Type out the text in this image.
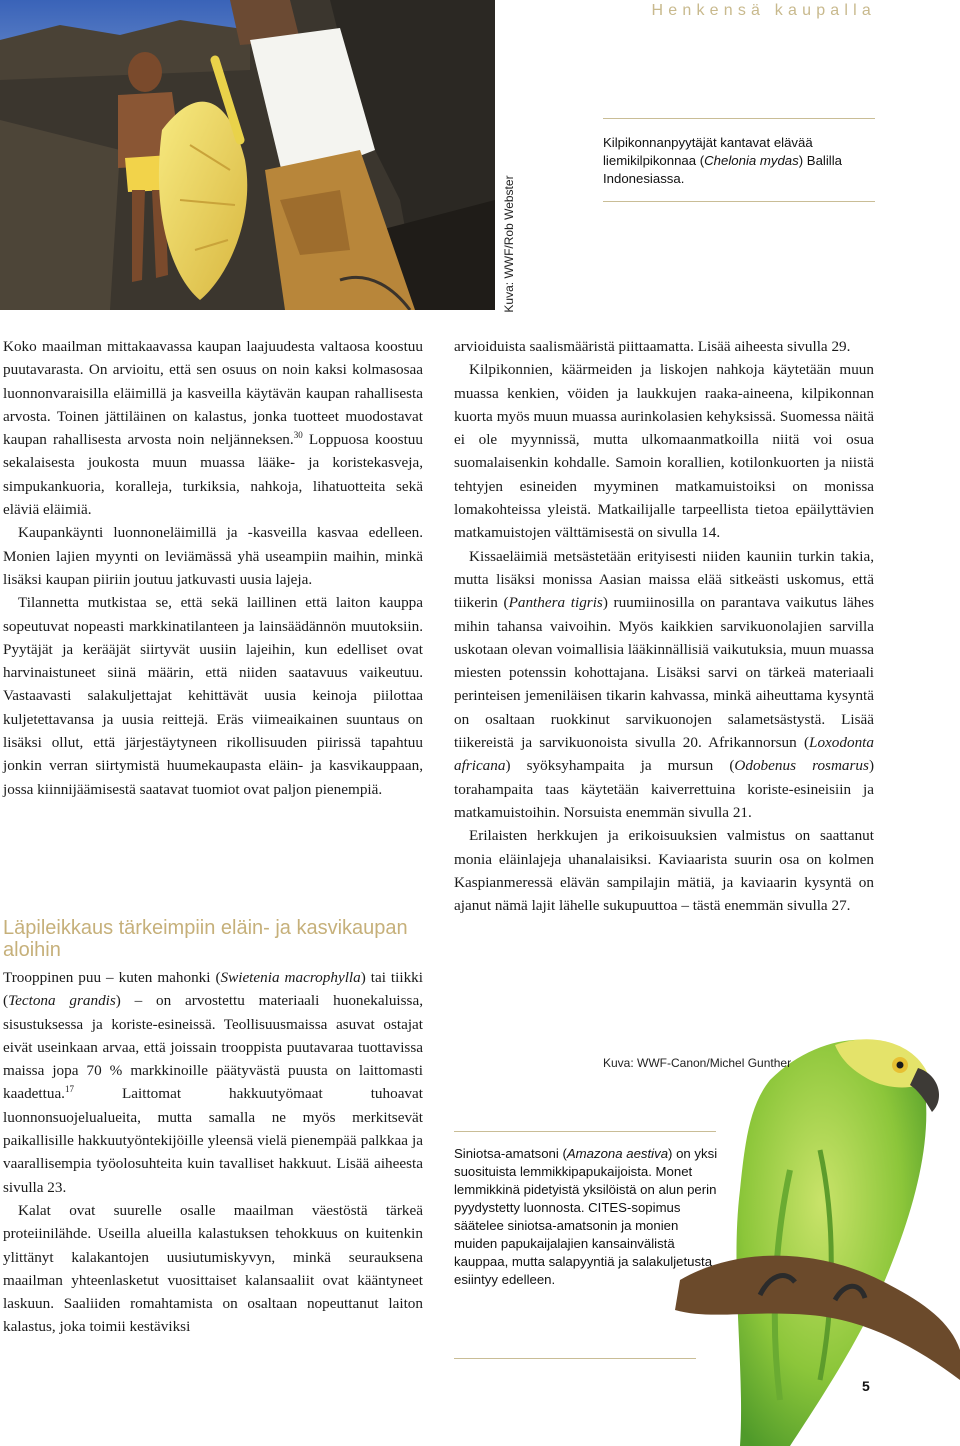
Henkensä kaupalla
Kuva: WWF/Rob Webster
Kilpikonnanpyytäjät kantavat elävää liemikilpikonnaa (Chelonia mydas) Balilla Indonesiassa.

Koko maailman mittakaavassa kaupan laajuudesta valtaosa koostuu puutavarasta. On arvioitu, että sen osuus on noin kaksi kolmasosaa luonnonvaraisilla eläimillä ja kasveilla käytävän kaupan rahallisesta arvosta. Toinen jättiläinen on kalastus, jonka tuotteet muodostavat kaupan rahallisesta arvosta noin neljänneksen.$^{30}$ Loppuosa koostuu sekalaisesta joukosta muun muassa lääke- ja koristekasveja, simpukankuoria, koralleja, turkiksia, nahkoja, lihatuotteita sekä eläviä eläimiä.

Kaupankäynti luonnoneläimillä ja -kasveilla kasvaa edelleen. Monien lajien myynti on leviämässä yhä useampiin maihin, minkä lisäksi kaupan piiriin joutuu jatkuvasti uusia lajeja.

Tilannetta mutkistaa se, että sekä laillinen että laiton kauppa sopeutuvat nopeasti markkinatilanteen ja lainsäädännön muutoksiin. Pyytäjät ja kerääjät siirtyvät uusiin lajeihin, kun edelliset ovat harvinaistuneet siinä määrin, että niiden saatavuus vaikeutuu. Vastaavasti salakuljettajat kehittävät uusia keinoja piilottaa kuljetettavansa ja uusia reittejä. Eräs viimeaikainen suuntaus on lisäksi ollut, että järjestäytyneen rikollisuuden piirissä tapahtuu jonkin verran siirtymistä huumekaupasta eläin- ja kasvikauppaan, jossa kiinnijäämisestä saatavat tuomiot ovat paljon pienempiä.

Läpileikkaus tärkeimpiin eläin- ja kasvikaupan aloihin

Trooppinen puu – kuten mahonki (Swietenia macrophylla) tai tiikki (Tectona grandis) – on arvostettu materiaali huonekaluissa, sisustuksessa ja koriste-esineissä. Teollisuusmaissa asuvat ostajat eivät useinkaan arvaa, että joissain trooppista puutavaraa tuottavissa maissa jopa 70 % markkinoille päätyvästä puusta on laittomasti kaadettua.$^{17}$ Laittomat hakkuutyömaat tuhoavat luonnonsuojelualueita, mutta samalla ne myös merkitsevät paikallisille hakkuutyöntekijöille yleensä vielä pienempää palkkaa ja vaarallisempia työolosuhteita kuin tavalliset hakkuut. Lisää aiheesta sivulla 23.

Kalat ovat suurelle osalle maailman väestöstä tärkeä proteiinilähde. Useilla alueilla kalastuksen tehokkuus on kuitenkin ylittänyt kalakantojen uusiutumiskyvyn, minkä seurauksena maailman yhteenlasketut vuosittaiset kalansaaliit ovat kääntyneet laskuun. Saaliiden romahtamista on osaltaan nopeuttanut laiton kalastus, joka toimii kestäviksi

arvioiduista saalismääristä piittaamatta. Lisää aiheesta sivulla 29.

Kilpikonnien, käärmeiden ja liskojen nahkoja käytetään muun muassa kenkien, vöiden ja laukkujen raaka-aineena, kilpikonnan kuorta myös muun muassa aurinkolasien kehyksissä. Suomessa näitä ei ole myynnissä, mutta ulkomaanmatkoilla niitä voi osua suomalaisenkin kohdalle. Samoin korallien, kotilonkuorten ja niistä tehtyjen esineiden myyminen matkamuistoiksi on monissa lomakohteissa yleistä. Matkailijalle tarpeellista tietoa epäilyttävien matkamuistojen välttämisestä on sivulla 14.

Kissaeläimiä metsästetään erityisesti niiden kauniin turkin takia, mutta lisäksi monissa Aasian maissa elää sitkeästi uskomus, että tiikerin (Panthera tigris) ruumiinosilla on parantava vaikutus lähes mihin tahansa vaivoihin. Myös kaikkien sarvikuonolajien sarvilla uskotaan olevan voimallisia lääkinnällisiä vaikutuksia, muun muassa miesten potenssin kohottajana. Lisäksi sarvi on tärkeä materiaali perinteisen jemeniläisen tikarin kahvassa, minkä aiheuttama kysyntä on osaltaan ruokkinut sarvikuonojen salametsästystä. Lisää tiikereistä ja sarvikuonoista sivulla 20. Afrikannorsun (Loxodonta africana) syöksyhampaita ja mursun (Odobenus rosmarus) torahampaita taas käytetään kaiverrettuina koriste-esineisiin ja matkamuistoihin. Norsuista enemmän sivulla 21.

Erilaisten herkkujen ja erikoisuuksien valmistus on saattanut monia eläinlajeja uhanalaisiksi. Kaviaarista suurin osa on kolmen Kaspianmeressä elävän sampilajin mätiä, ja kaviaarin kysyntä on ajanut nämä lajit lähelle sukupuuttoa – tästä enemmän sivulla 27.

Kuva: WWF-Canon/Michel Gunther
Siniotsa-amatsoni (Amazona aestiva) on yksi suosituista lemmikkipapukaijoista. Monet lemmikkinä pidetyistä yksilöistä on alun perin pyydystetty luonnosta. CITES-sopimus säätelee siniotsa-amatsonin ja monien muiden papukaijalajien kansainvälistä kauppaa, mutta salapyyntiä ja salakuljetusta esiintyy edelleen.
5
